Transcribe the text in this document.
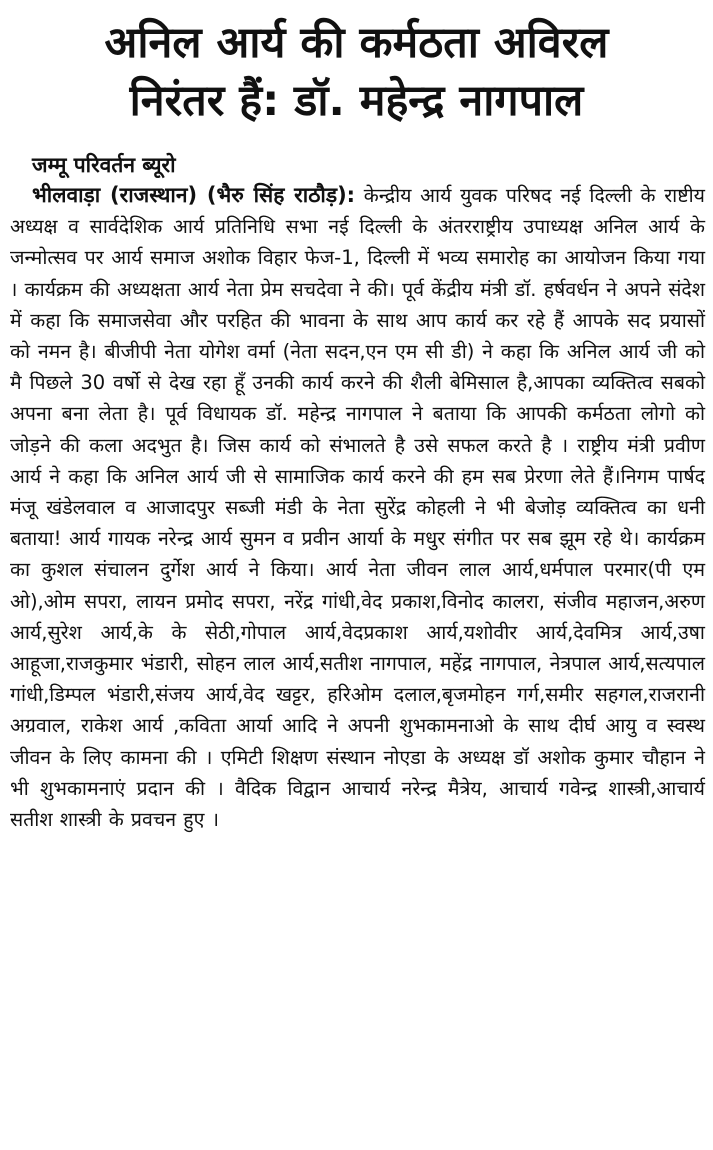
अनिल आर्य की कर्मठता अविरल
निरंतर हैं: डॉ. महेन्द्र नागपाल

जम्मू परिवर्तन ब्यूरो

भीलवाड़ा (राजस्थान) (भैरु सिंह राठौड़): केन्द्रीय आर्य युवक परिषद नई दिल्ली के राष्टीय अध्यक्ष व सार्वदेशिक आर्य प्रतिनिधि सभा नई दिल्ली के अंतरराष्ट्रीय उपाध्यक्ष अनिल आर्य के जन्मोत्सव पर आर्य समाज अशोक विहार फेज-1, दिल्ली में भव्य समारोह का आयोजन किया गया । कार्यक्रम की अध्यक्षता आर्य नेता प्रेम सचदेवा ने की। पूर्व केंद्रीय मंत्री डॉ. हर्षवर्धन ने अपने संदेश में कहा कि समाजसेवा और परहित की भावना के साथ आप कार्य कर रहे हैं आपके सद प्रयासों को नमन है। बीजीपी नेता योगेश वर्मा (नेता सदन,एन एम सी डी) ने कहा कि अनिल आर्य जी को मै पिछले 30 वर्षो से देख रहा हूँ उनकी कार्य करने की शैली बेमिसाल है,आपका व्यक्तित्व सबको अपना बना लेता है। पूर्व विधायक डॉ. महेन्द्र नागपाल ने बताया कि आपकी कर्मठता लोगो को जोड़ने की कला अदभुत है। जिस कार्य को संभालते है उसे सफल करते है । राष्ट्रीय मंत्री प्रवीण आर्य ने कहा कि अनिल आर्य जी से सामाजिक कार्य करने की हम सब प्रेरणा लेते हैं।निगम पार्षद मंजू खंडेलवाल व आजादपुर सब्जी मंडी के नेता सुरेंद्र कोहली ने भी बेजोड़ व्यक्तित्व का धनी बताया! आर्य गायक नरेन्द्र आर्य सुमन व प्रवीन आर्या के मधुर संगीत पर सब झूम रहे थे। कार्यक्रम का कुशल संचालन दुर्गेश आर्य ने किया। आर्य नेता जीवन लाल आर्य,धर्मपाल परमार(पी एम ओ),ओम सपरा, लायन प्रमोद सपरा, नरेंद्र गांधी,वेद प्रकाश,विनोद कालरा, संजीव महाजन,अरुण आर्य,सुरेश आर्य,के के सेठी,गोपाल आर्य,वेदप्रकाश आर्य,यशोवीर आर्य,देवमित्र आर्य,उषा आहूजा,राजकुमार भंडारी, सोहन लाल आर्य,सतीश नागपाल, महेंद्र नागपाल, नेत्रपाल आर्य,सत्यपाल गांधी,डिम्पल भंडारी,संजय आर्य,वेद खट्टर, हरिओम दलाल,बृजमोहन गर्ग,समीर सहगल,राजरानी अग्रवाल, राकेश आर्य ,कविता आर्या आदि ने अपनी शुभकामनाओ के साथ दीर्घ आयु व स्वस्थ जीवन के लिए कामना की । एमिटी शिक्षण संस्थान नोएडा के अध्यक्ष डॉ अशोक कुमार चौहान ने भी शुभकामनाएं प्रदान की । वैदिक विद्वान आचार्य नरेन्द्र मैत्रेय, आचार्य गवेन्द्र शास्त्री,आचार्य सतीश शास्त्री के प्रवचन हुए ।
